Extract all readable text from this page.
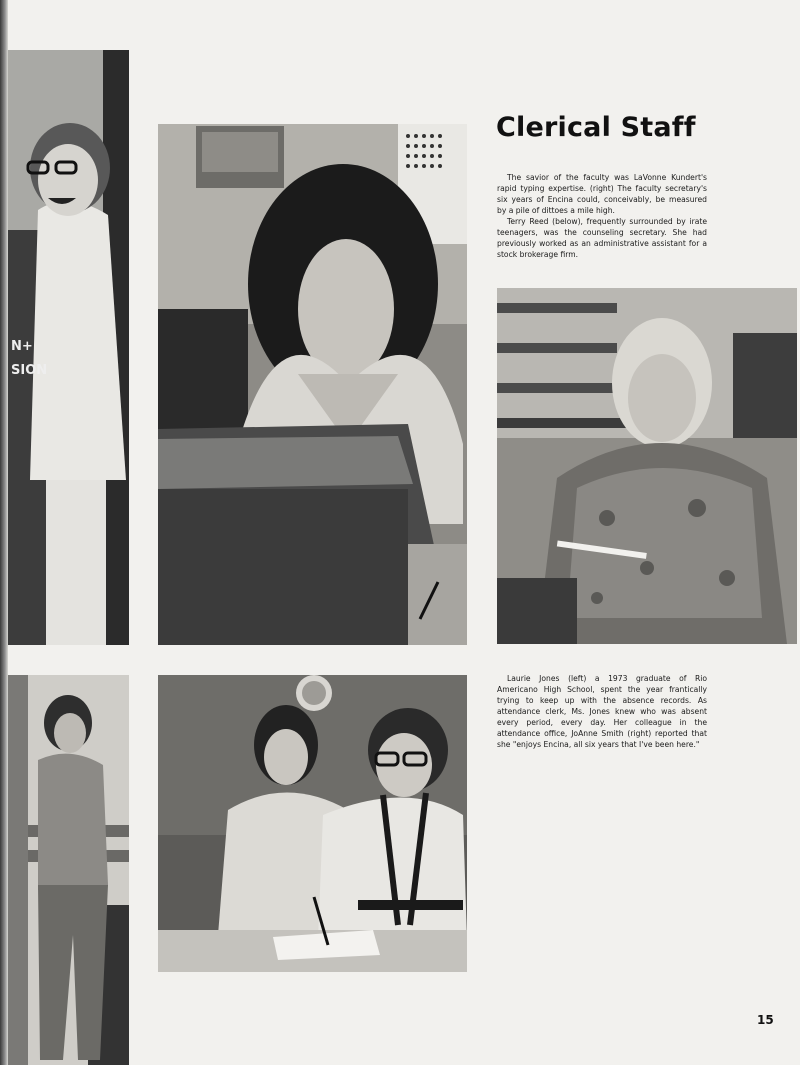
N+
SION
Clerical Staff

The savior of the faculty was LaVonne Kundert's rapid typing expertise. (right) The faculty secretary's six years of Encina could, conceivably, be measured by a pile of dittoes a mile high.

Terry Reed (below), frequently surrounded by irate teenagers, was the counseling secretary. She had previously worked as an administrative assistant for a stock brokerage firm.

Laurie Jones (left) a 1973 graduate of Rio Americano High School, spent the year frantically trying to keep up with the absence records. As attendance clerk, Ms. Jones knew who was absent every period, every day. Her colleague in the attendance office, JoAnne Smith (right) reported that she "enjoys Encina, all six years that I've been here."

15
